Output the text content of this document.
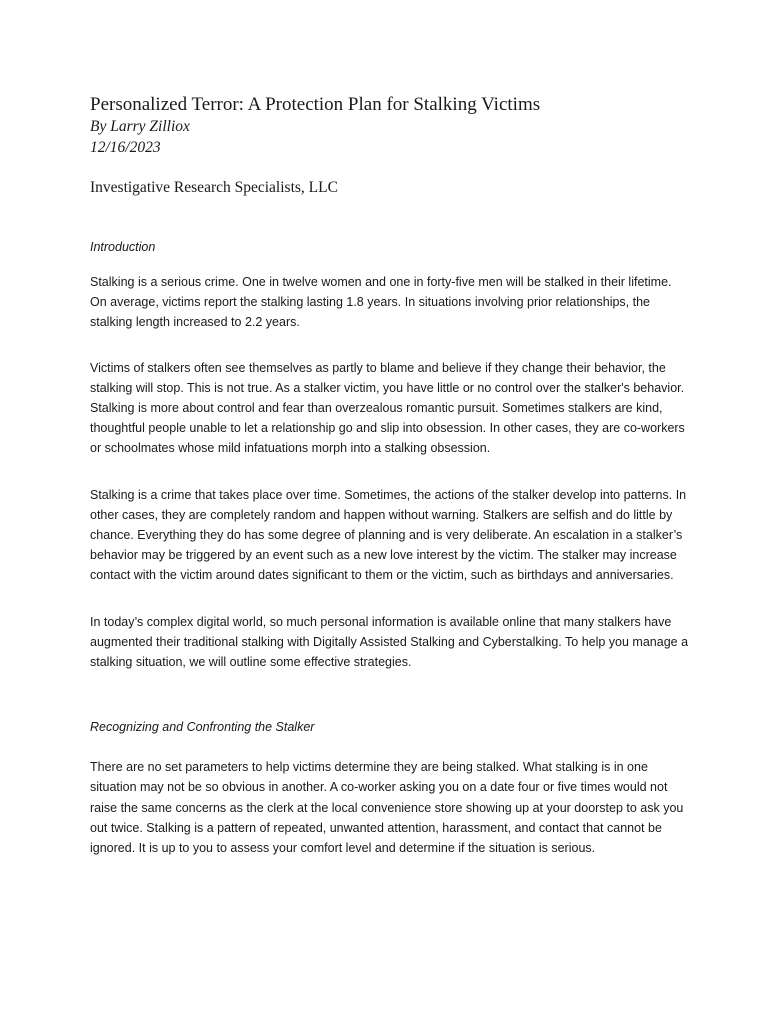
Personalized Terror: A Protection Plan for Stalking Victims

By Larry Zilliox

12/16/2023

Investigative Research Specialists, LLC

Introduction

Stalking is a serious crime. One in twelve women and one in forty-five men will be stalked in their lifetime. On average, victims report the stalking lasting 1.8 years. In situations involving prior relationships, the stalking length increased to 2.2 years.

Victims of stalkers often see themselves as partly to blame and believe if they change their behavior, the stalking will stop. This is not true. As a stalker victim, you have little or no control over the stalker's behavior. Stalking is more about control and fear than overzealous romantic pursuit. Sometimes stalkers are kind, thoughtful people unable to let a relationship go and slip into obsession. In other cases, they are co-workers or schoolmates whose mild infatuations morph into a stalking obsession.

Stalking is a crime that takes place over time. Sometimes, the actions of the stalker develop into patterns. In other cases, they are completely random and happen without warning. Stalkers are selfish and do little by chance. Everything they do has some degree of planning and is very deliberate. An escalation in a stalker’s behavior may be triggered by an event such as a new love interest by the victim. The stalker may increase contact with the victim around dates significant to them or the victim, such as birthdays and anniversaries.

In today’s complex digital world, so much personal information is available online that many stalkers have augmented their traditional stalking with Digitally Assisted Stalking and Cyberstalking. To help you manage a stalking situation, we will outline some effective strategies.

Recognizing and Confronting the Stalker

There are no set parameters to help victims determine they are being stalked. What stalking is in one situation may not be so obvious in another. A co-worker asking you on a date four or five times would not raise the same concerns as the clerk at the local convenience store showing up at your doorstep to ask you out twice. Stalking is a pattern of repeated, unwanted attention, harassment, and contact that cannot be ignored. It is up to you to assess your comfort level and determine if the situation is serious.
